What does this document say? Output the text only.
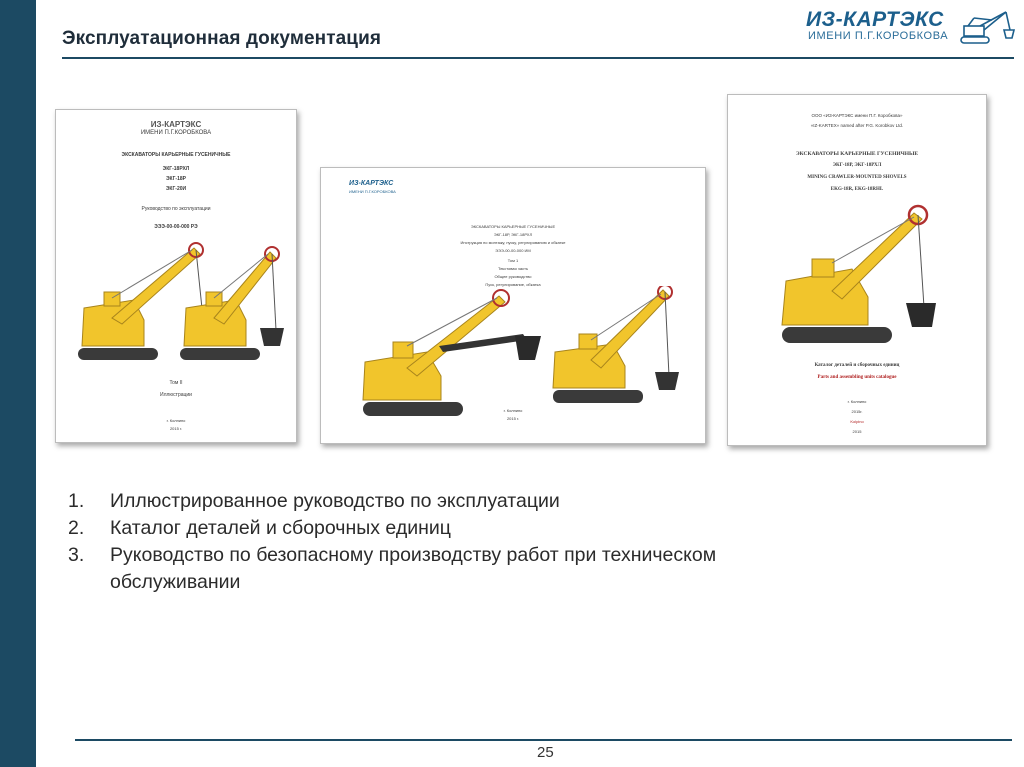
Эксплуатационная документация
ИЗ-КАРТЭКС
ИМЕНИ П.Г.КОРОБКОВА
ИЗ-КАРТЭКС
ИМЕНИ П.Г.КОРОБКОВА
ЭКСКАВАТОРЫ КАРЬЕРНЫЕ ГУСЕНИЧНЫЕ
ЭКГ-18РХЛ
ЭКГ-18Р
ЭКГ-20И
Руководство по эксплуатации
ЭЭЭ-00-00-000 РЭ
Том II
Иллюстрации
г. Колпино
2015 г.
ИЗ-КАРТЭКС
ИМЕНИ П.Г.КОРОБКОВА
ЭКСКАВАТОРЫ КАРЬЕРНЫЕ ГУСЕНИЧНЫЕ
ЭКГ-18Р, ЭКГ-18РХЛ
Инструкция по монтажу, пуску, регулированию и обкатке
ЭЭЭ-00-00-000 ИМ
Том 1
Текстовая часть
Общее руководство
Пуск, регулирование, обкатка
г. Колпино
2015 г.
ООО «ИЗ-КАРТЭКС имени П.Г. Коробкова»
«IZ-KARTEX» named after P.G. Korobkov Ltd.
ЭКСКАВАТОРЫ КАРЬЕРНЫЕ ГУСЕНИЧНЫЕ
ЭКГ-18Р, ЭКГ-18РХЛ
MINING CRAWLER-MOUNTED SHOVELS
EKG-18R, EKG-18RHL
Каталог деталей и сборочных единиц
Parts and assembling units catalogue
г. Колпино
2015г.
Kolpino
2015
1. Иллюстрированное руководство по эксплуатации
2. Каталог деталей и сборочных единиц
3. Руководство по безопасному производству работ при техническом обслуживании
25
